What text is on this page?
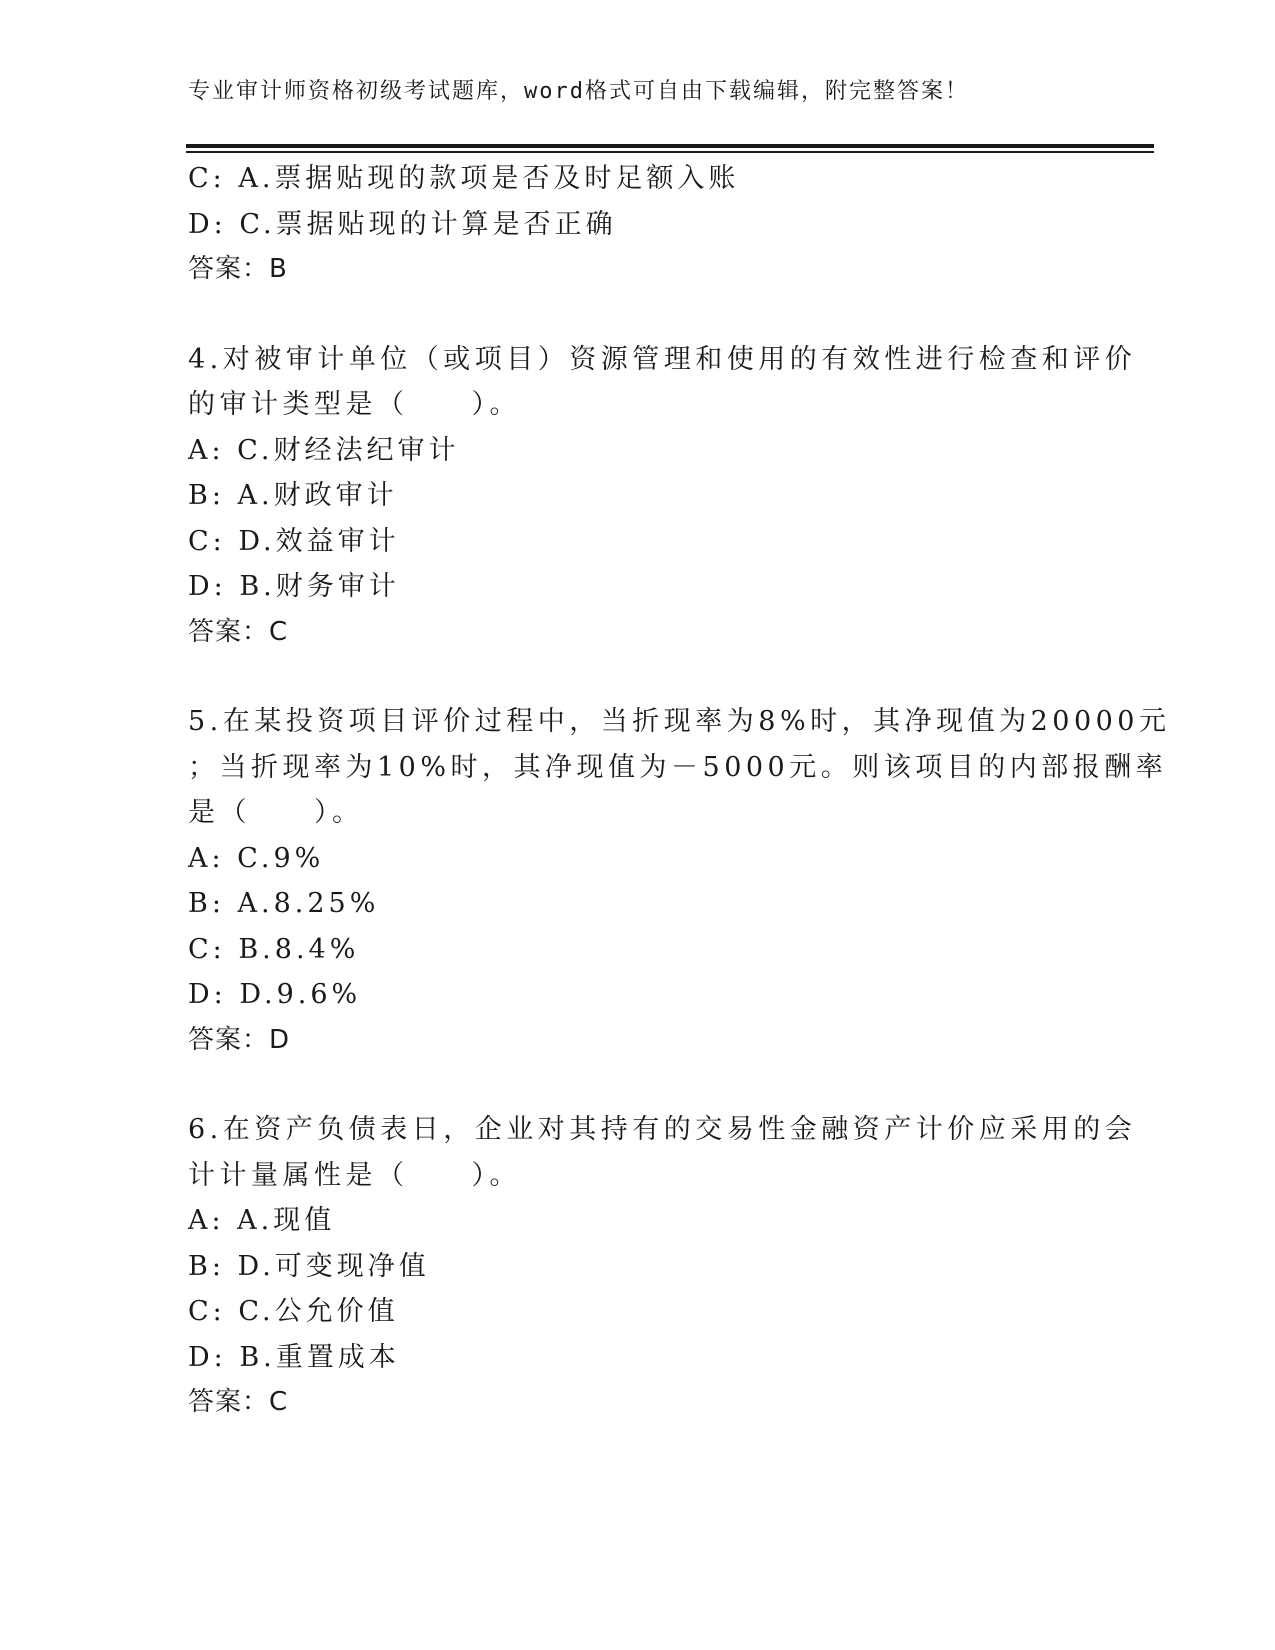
专业审计师资格初级考试题库，word格式可自由下载编辑，附完整答案！
C: A.票据贴现的款项是否及时足额入账
D: C.票据贴现的计算是否正确
答案：B
4.对被审计单位（或项目）资源管理和使用的有效性进行检查和评价
的审计类型是（　　）。
A: C.财经法纪审计
B: A.财政审计
C: D.效益审计
D: B.财务审计
答案：C
5.在某投资项目评价过程中，当折现率为8%时，其净现值为20000元
；当折现率为10%时，其净现值为－5000元。则该项目的内部报酬率
是（　　）。
A: C.9%
B: A.8.25%
C: B.8.4%
D: D.9.6%
答案：D
6.在资产负债表日，企业对其持有的交易性金融资产计价应采用的会
计计量属性是（　　）。
A: A.现值
B: D.可变现净值
C: C.公允价值
D: B.重置成本
答案：C
